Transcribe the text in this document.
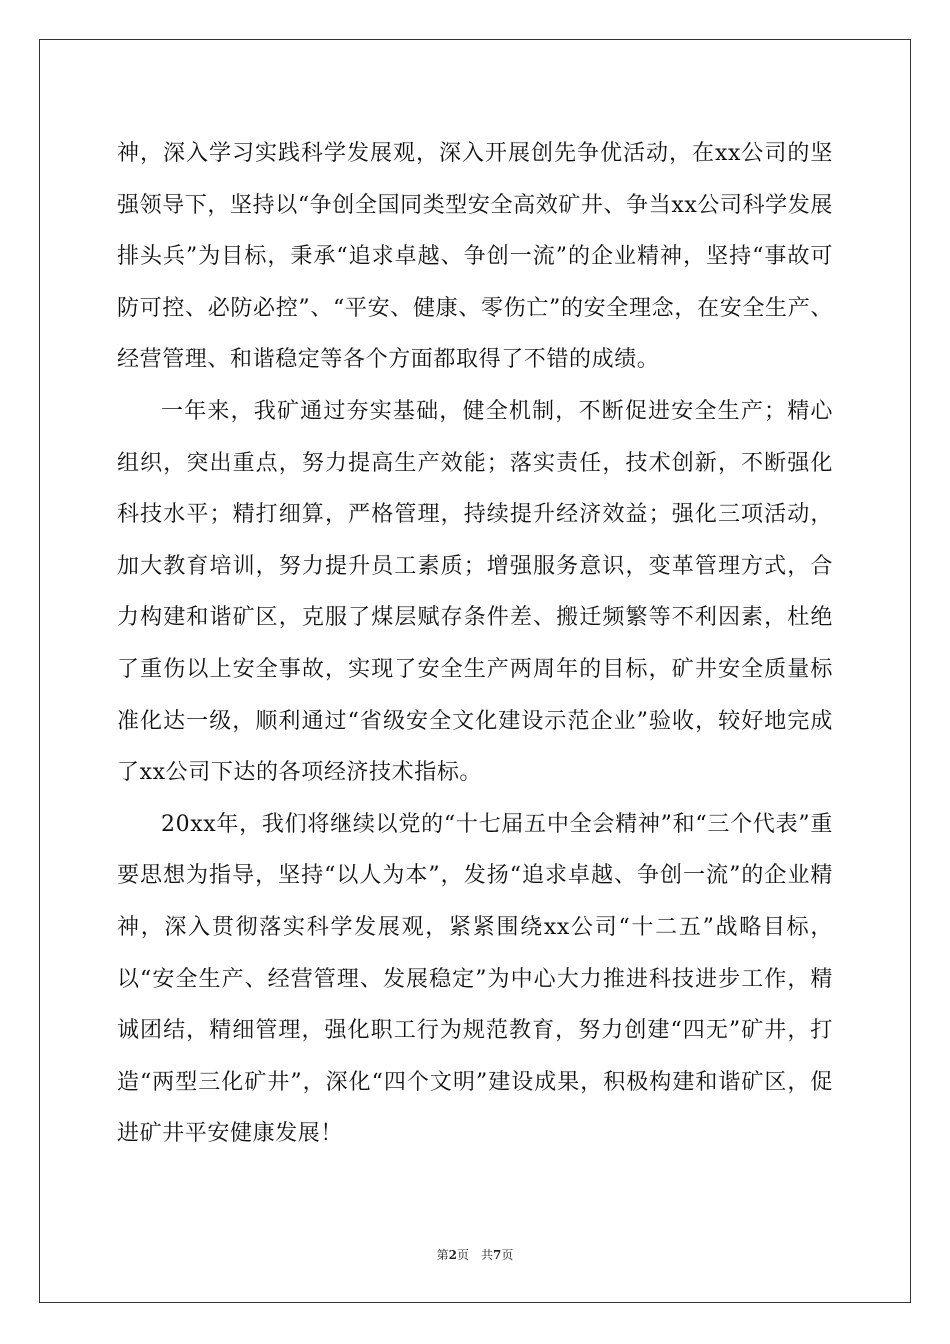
神，深入学习实践科学发展观，深入开展创先争优活动，在xx公司的坚强领导下，坚持以“争创全国同类型安全高效矿井、争当xx公司科学发展排头兵”为目标，秉承“追求卓越、争创一流”的企业精神，坚持“事故可防可控、必防必控”、“平安、健康、零伤亡”的安全理念，在安全生产、经营管理、和谐稳定等各个方面都取得了不错的成绩。

一年来，我矿通过夯实基础，健全机制，不断促进安全生产；精心组织，突出重点，努力提高生产效能；落实责任，技术创新，不断强化科技水平；精打细算，严格管理，持续提升经济效益；强化三项活动，加大教育培训，努力提升员工素质；增强服务意识，变革管理方式，合力构建和谐矿区，克服了煤层赋存条件差、搬迁频繁等不利因素，杜绝了重伤以上安全事故，实现了安全生产两周年的目标，矿井安全质量标准化达一级，顺利通过“省级安全文化建设示范企业”验收，较好地完成了xx公司下达的各项经济技术指标。

20xx年，我们将继续以党的“十七届五中全会精神”和“三个代表”重要思想为指导，坚持“以人为本”，发扬“追求卓越、争创一流”的企业精神，深入贯彻落实科学发展观，紧紧围绕xx公司“十二五”战略目标，以“安全生产、经营管理、发展稳定”为中心大力推进科技进步工作，精诚团结，精细管理，强化职工行为规范教育，努力创建“四无”矿井，打造“两型三化矿井”，深化“四个文明”建设成果，积极构建和谐矿区，促进矿井平安健康发展！

第2页 共7页
